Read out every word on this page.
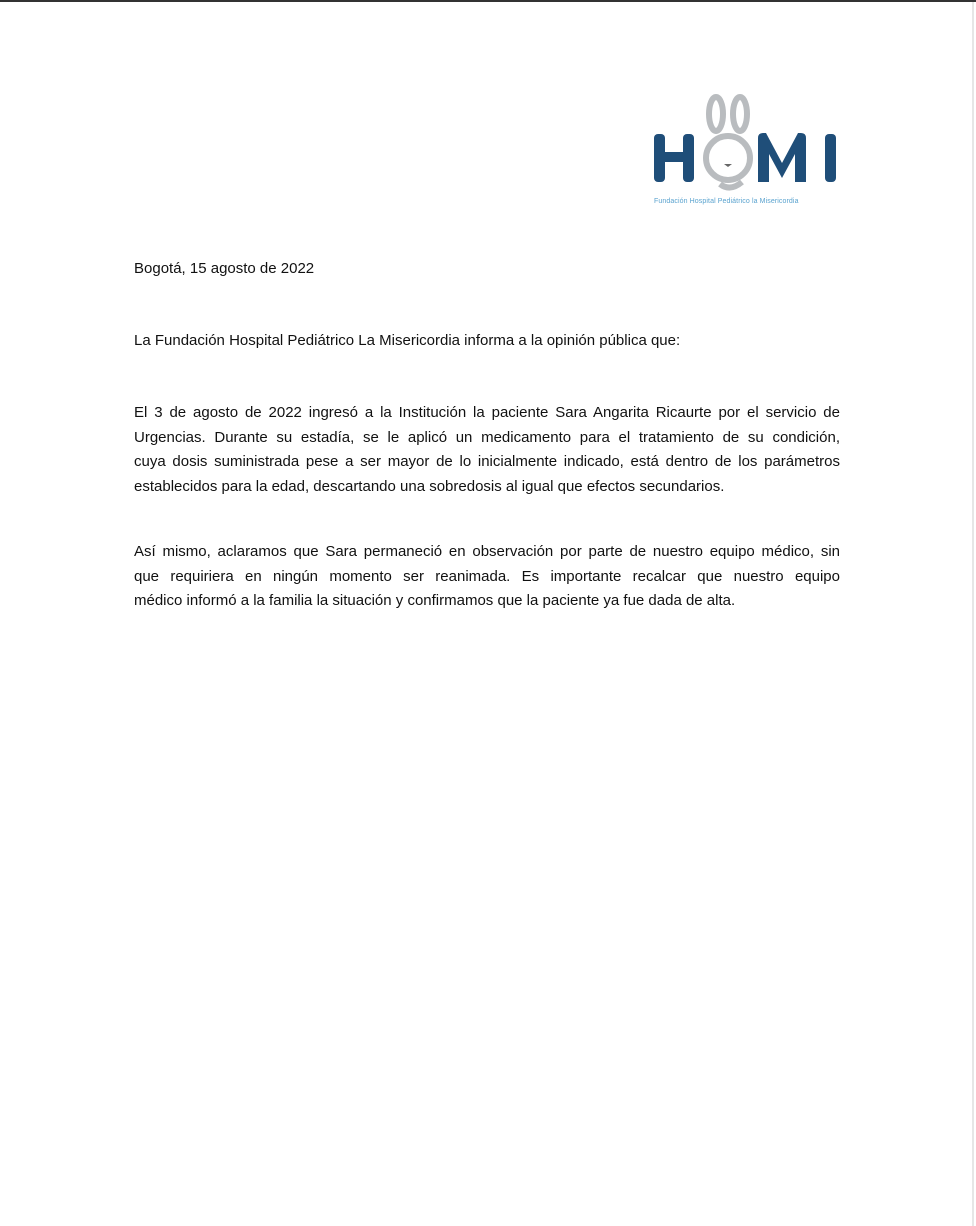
Fundación Hospital Pediátrico la Misericordia
Bogotá, 15 agosto de 2022
La Fundación Hospital Pediátrico La Misericordia informa a la opinión pública que:
El 3 de agosto de 2022 ingresó a la Institución la paciente Sara Angarita Ricaurte por el servicio de
Urgencias. Durante su estadía, se le aplicó un medicamento para el tratamiento de su condición,
cuya dosis suministrada pese a ser mayor de lo inicialmente indicado, está dentro de los parámetros
establecidos para la edad, descartando una sobredosis al igual que efectos secundarios.
Así mismo, aclaramos que Sara permaneció en observación por parte de nuestro equipo médico, sin
que requiriera en ningún momento ser reanimada. Es importante recalcar que nuestro equipo
médico informó a la familia la situación y confirmamos que la paciente ya fue dada de alta.
